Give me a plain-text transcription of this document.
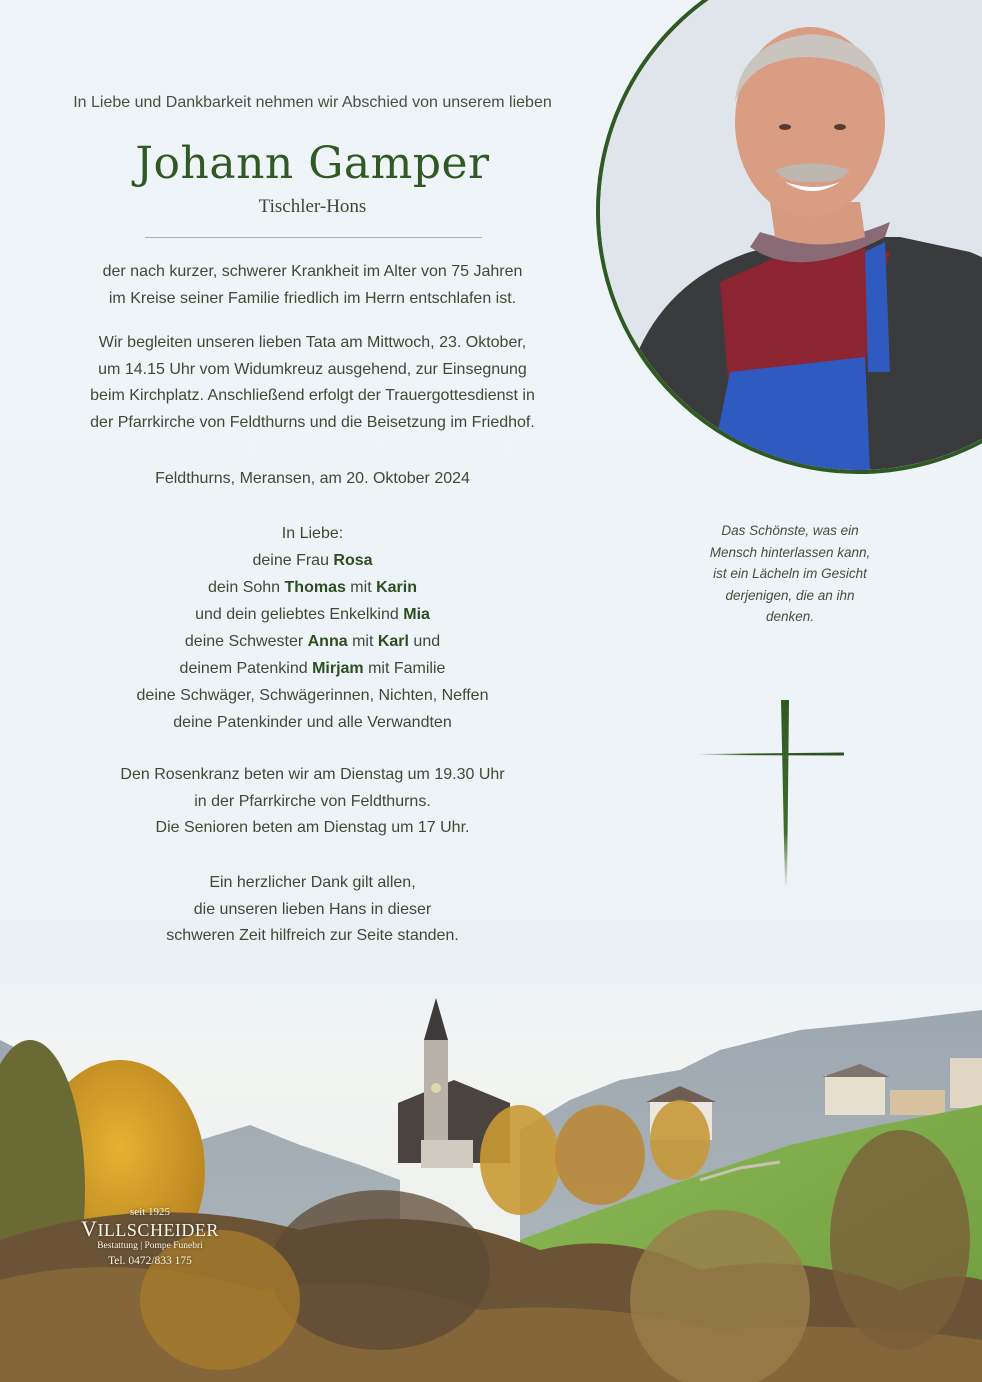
In Liebe und Dankbarkeit nehmen wir Abschied von unserem lieben
Johann Gamper
Tischler-Hons
der nach kurzer, schwerer Krankheit im Alter von 75 Jahren
im Kreise seiner Familie friedlich im Herrn entschlafen ist.
Wir begleiten unseren lieben Tata am Mittwoch, 23. Oktober,
um 14.15 Uhr vom Widumkreuz ausgehend, zur Einsegnung
beim Kirchplatz. Anschließend erfolgt der Trauergottesdienst in
der Pfarrkirche von Feldthurns und die Beisetzung im Friedhof.
Feldthurns, Meransen, am 20. Oktober 2024
In Liebe:
deine Frau Rosa
dein Sohn Thomas mit Karin
und dein geliebtes Enkelkind Mia
deine Schwester Anna mit Karl und
deinem Patenkind Mirjam mit Familie
deine Schwäger, Schwägerinnen, Nichten, Neffen
deine Patenkinder und alle Verwandten
Den Rosenkranz beten wir am Dienstag um 19.30 Uhr
in der Pfarrkirche von Feldthurns.
Die Senioren beten am Dienstag um 17 Uhr.
Ein herzlicher Dank gilt allen,
die unseren lieben Hans in dieser
schweren Zeit hilfreich zur Seite standen.
Das Schönste, was ein
Mensch hinterlassen kann,
ist ein Lächeln im Gesicht
derjenigen, die an ihn
denken.
seit 1925
VILLSCHEIDER
Bestattung | Pompe Funebri
Tel. 0472/833 175
